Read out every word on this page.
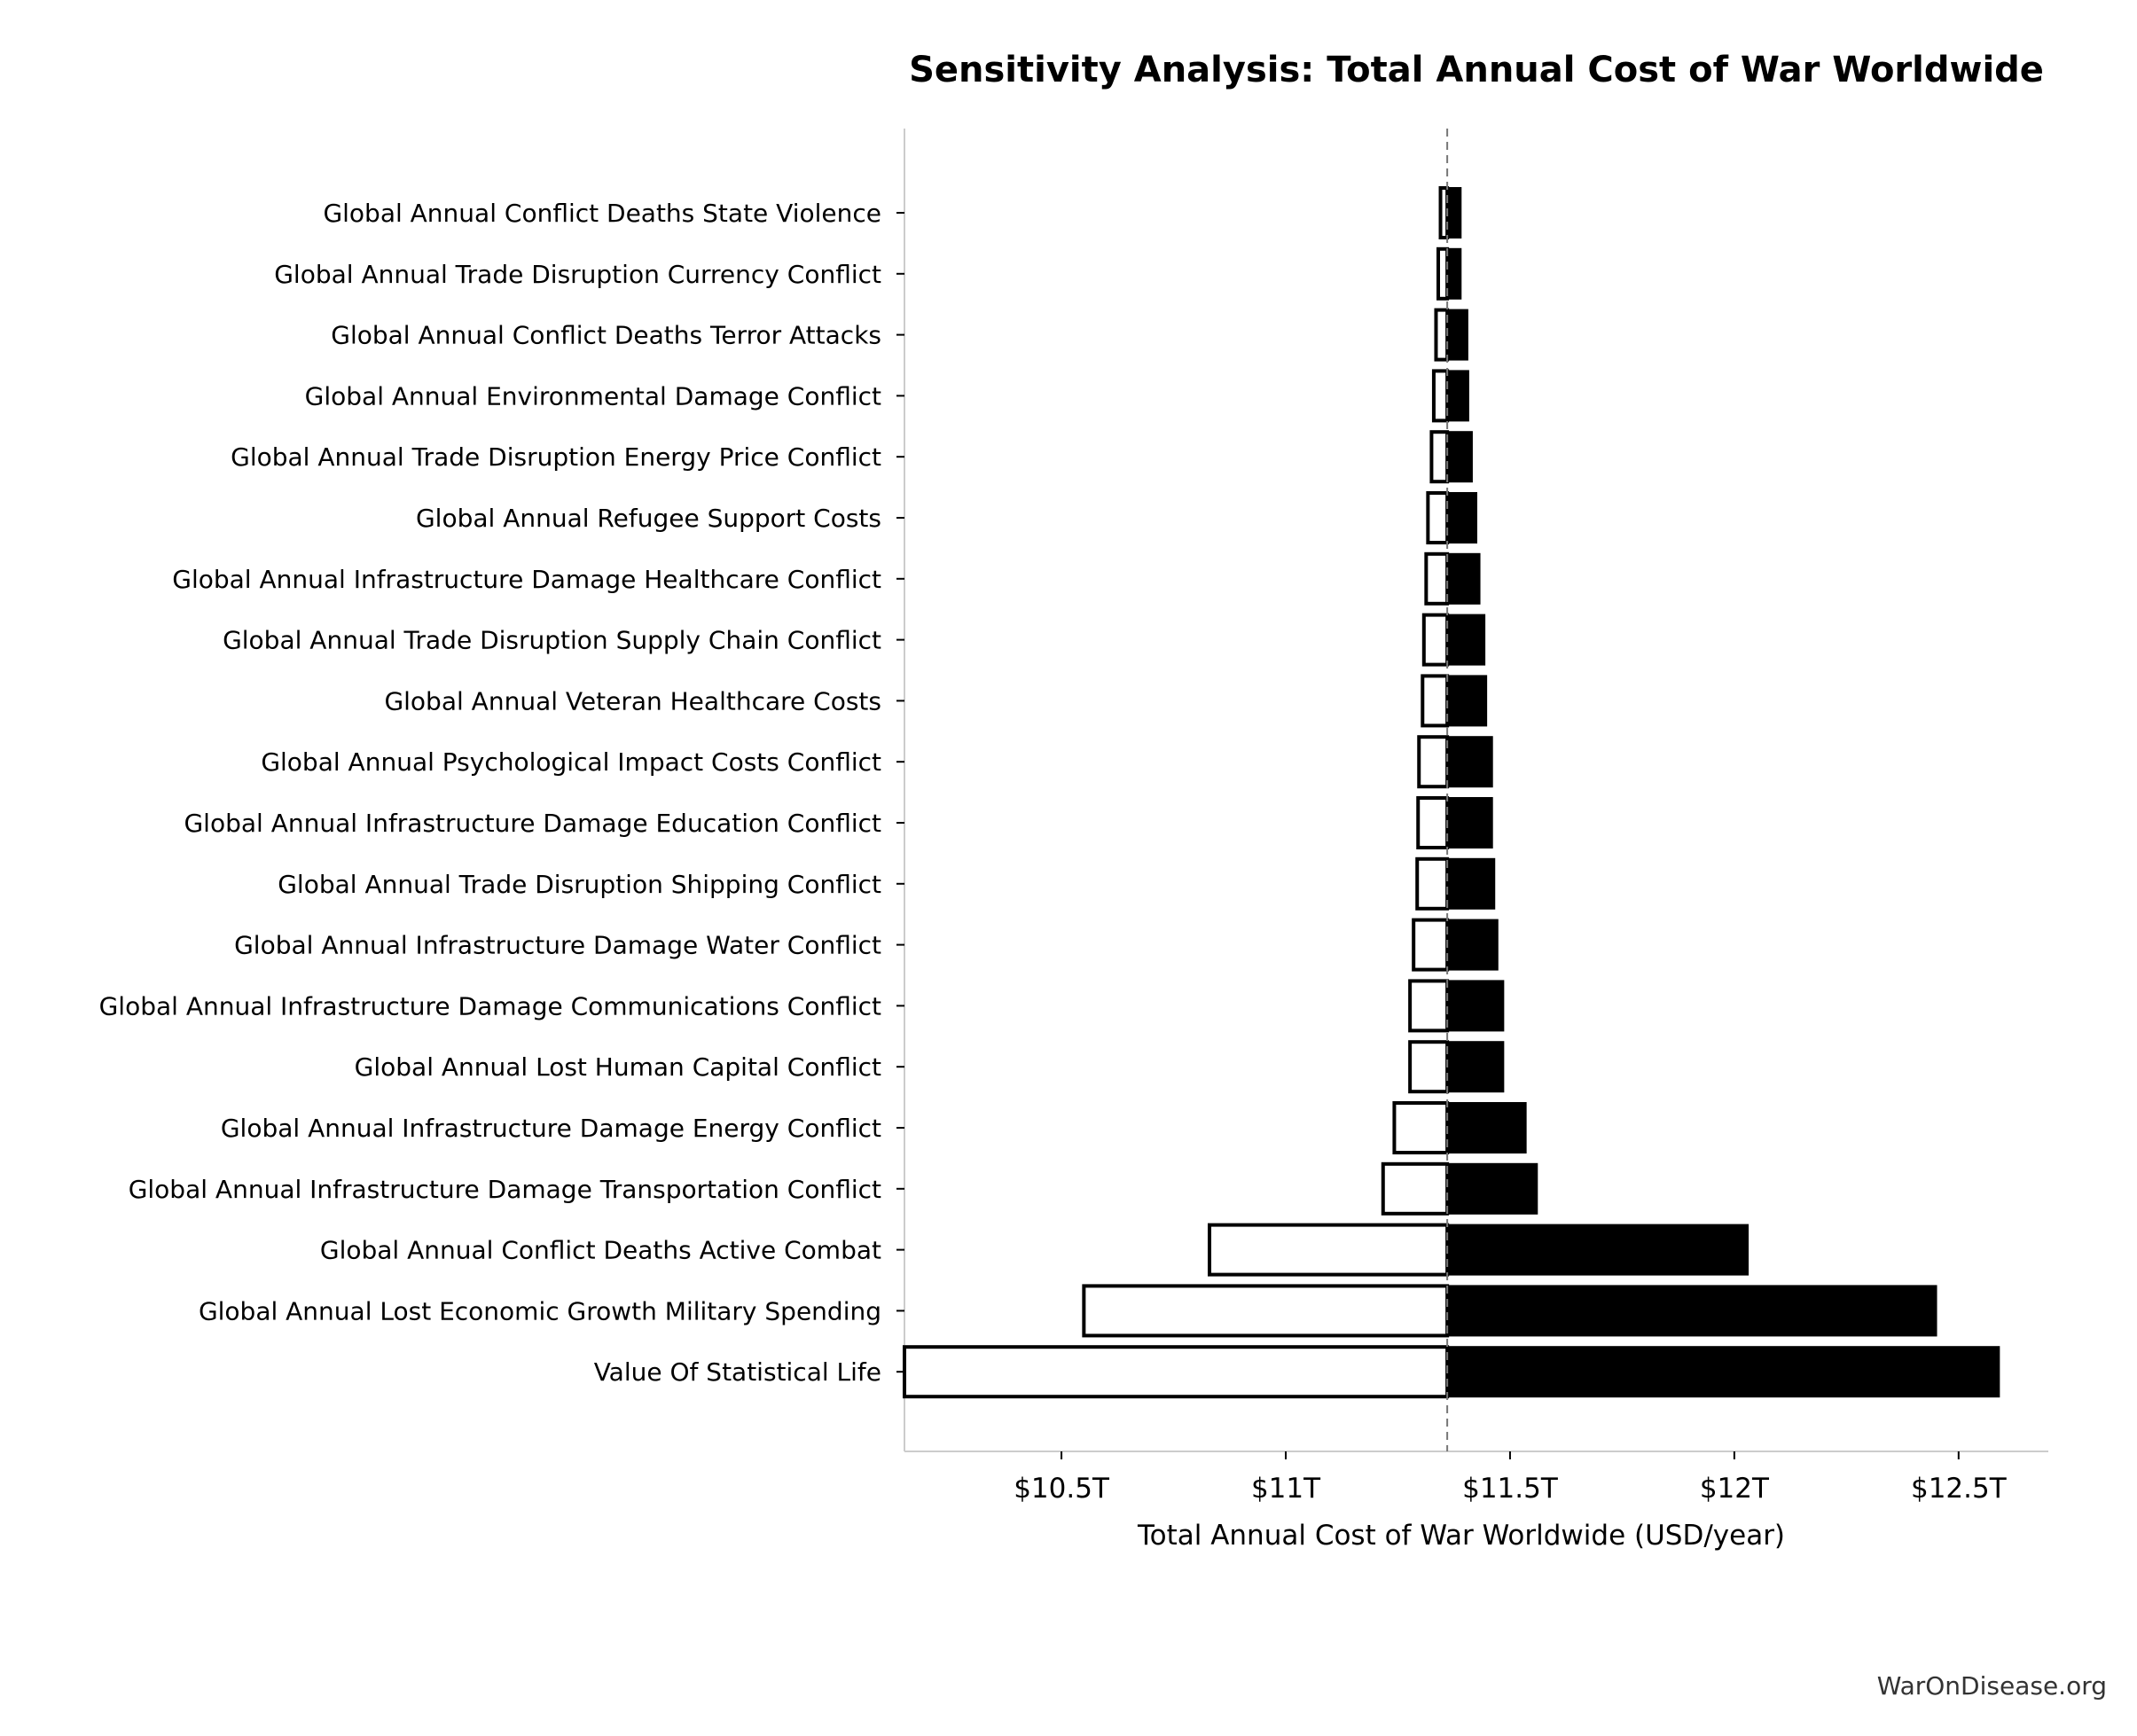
Sensitivity Analysis: Total Annual Cost of War Worldwide
Global Annual Conflict Deaths State Violence
Global Annual Trade Disruption Currency Conflict
Global Annual Conflict Deaths Terror Attacks
Global Annual Environmental Damage Conflict
Global Annual Trade Disruption Energy Price Conflict
Global Annual Refugee Support Costs
Global Annual Infrastructure Damage Healthcare Conflict
Global Annual Trade Disruption Supply Chain Conflict
Global Annual Veteran Healthcare Costs
Global Annual Psychological Impact Costs Conflict
Global Annual Infrastructure Damage Education Conflict
Global Annual Trade Disruption Shipping Conflict
Global Annual Infrastructure Damage Water Conflict
Global Annual Infrastructure Damage Communications Conflict
Global Annual Lost Human Capital Conflict
Global Annual Infrastructure Damage Energy Conflict
Global Annual Infrastructure Damage Transportation Conflict
Global Annual Conflict Deaths Active Combat
Global Annual Lost Economic Growth Military Spending
Value Of Statistical Life
$10.5T	$11T	$11.5T	$12T	$12.5T
Total Annual Cost of War Worldwide (USD/year)
WarOnDisease.org
